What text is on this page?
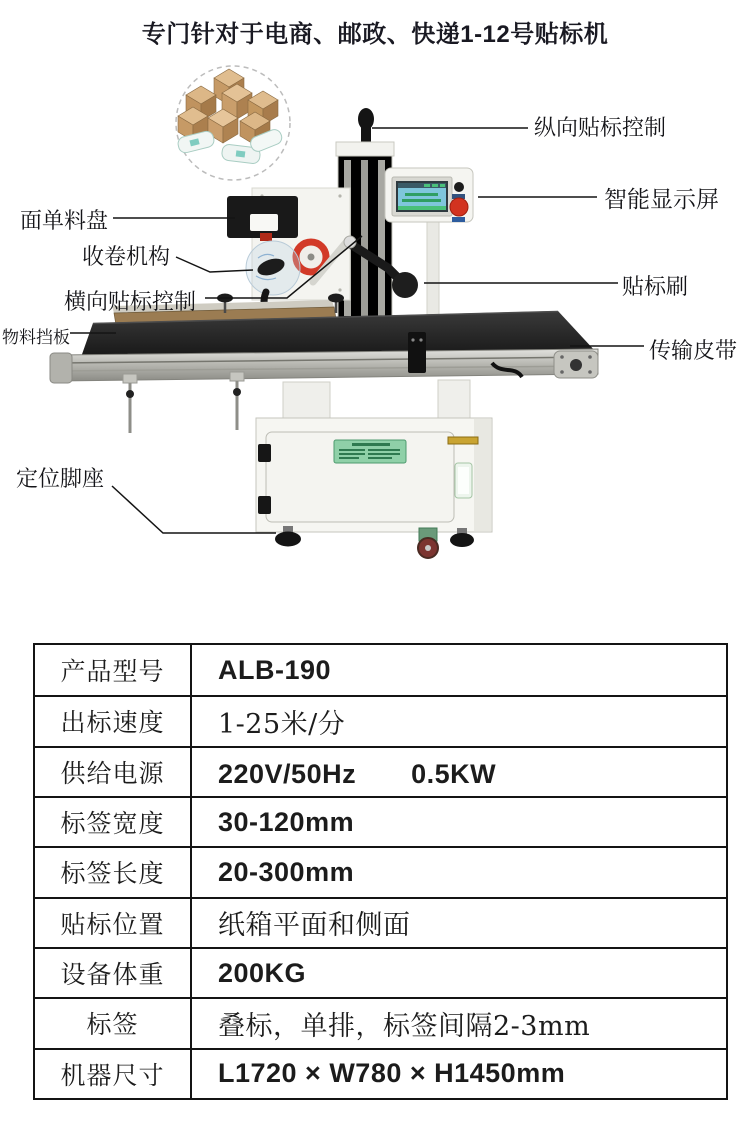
专门针对于电商、邮政、快递1-12号贴标机
面单料盘
收卷机构
横向贴标控制
物料挡板
定位脚座
纵向贴标控制
智能显示屏
贴标刷
传输皮带
产品型号	ALB-190
出标速度	1-25米/分
供给电源	220V/50Hz　　0.5KW
标签宽度	30-120mm
标签长度	20-300mm
贴标位置	纸箱平面和侧面
设备体重	200KG
标签	叠标，单排，标签间隔2-3mm
机器尺寸	L1720 × W780 × H1450mm
